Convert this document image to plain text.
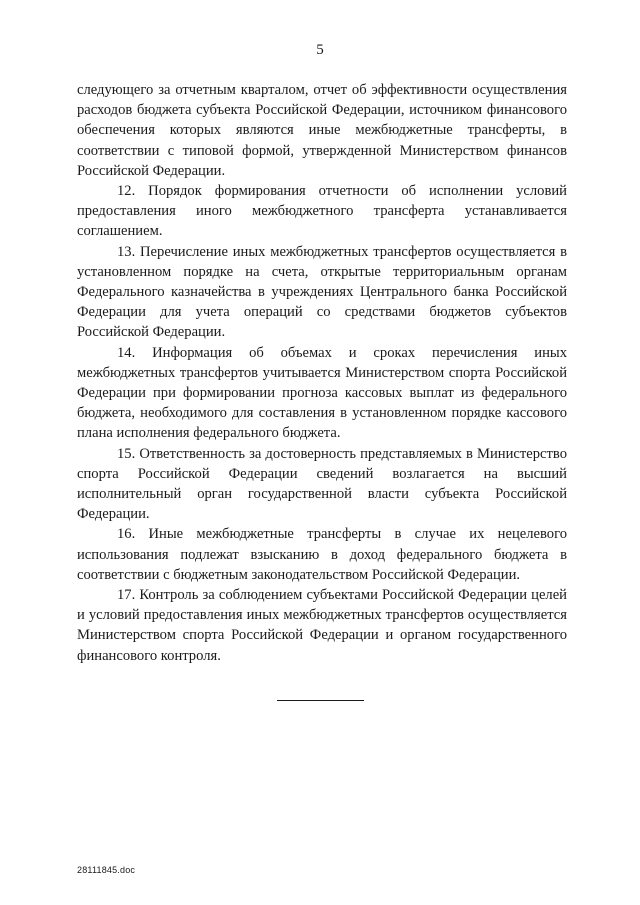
5

следующего за отчетным кварталом, отчет об эффективности осуществления расходов бюджета субъекта Российской Федерации, источником финансового обеспечения которых являются иные межбюджетные трансферты, в соответствии с типовой формой, утвержденной Министерством финансов Российской Федерации.

12. Порядок формирования отчетности об исполнении условий предоставления иного межбюджетного трансферта устанавливается соглашением.

13. Перечисление иных межбюджетных трансфертов осуществляется в установленном порядке на счета, открытые территориальным органам Федерального казначейства в учреждениях Центрального банка Российской Федерации для учета операций со средствами бюджетов субъектов Российской Федерации.

14. Информация об объемах и сроках перечисления иных межбюджетных трансфертов учитывается Министерством спорта Российской Федерации при формировании прогноза кассовых выплат из федерального бюджета, необходимого для составления в установленном порядке кассового плана исполнения федерального бюджета.

15. Ответственность за достоверность представляемых в Министерство спорта Российской Федерации сведений возлагается на высший исполнительный орган государственной власти субъекта Российской Федерации.

16. Иные межбюджетные трансферты в случае их нецелевого использования подлежат взысканию в доход федерального бюджета в соответствии с бюджетным законодательством Российской Федерации.

17. Контроль за соблюдением субъектами Российской Федерации целей и условий предоставления иных межбюджетных трансфертов осуществляется Министерством спорта Российской Федерации и органом государственного финансового контроля.

28111845.doc
